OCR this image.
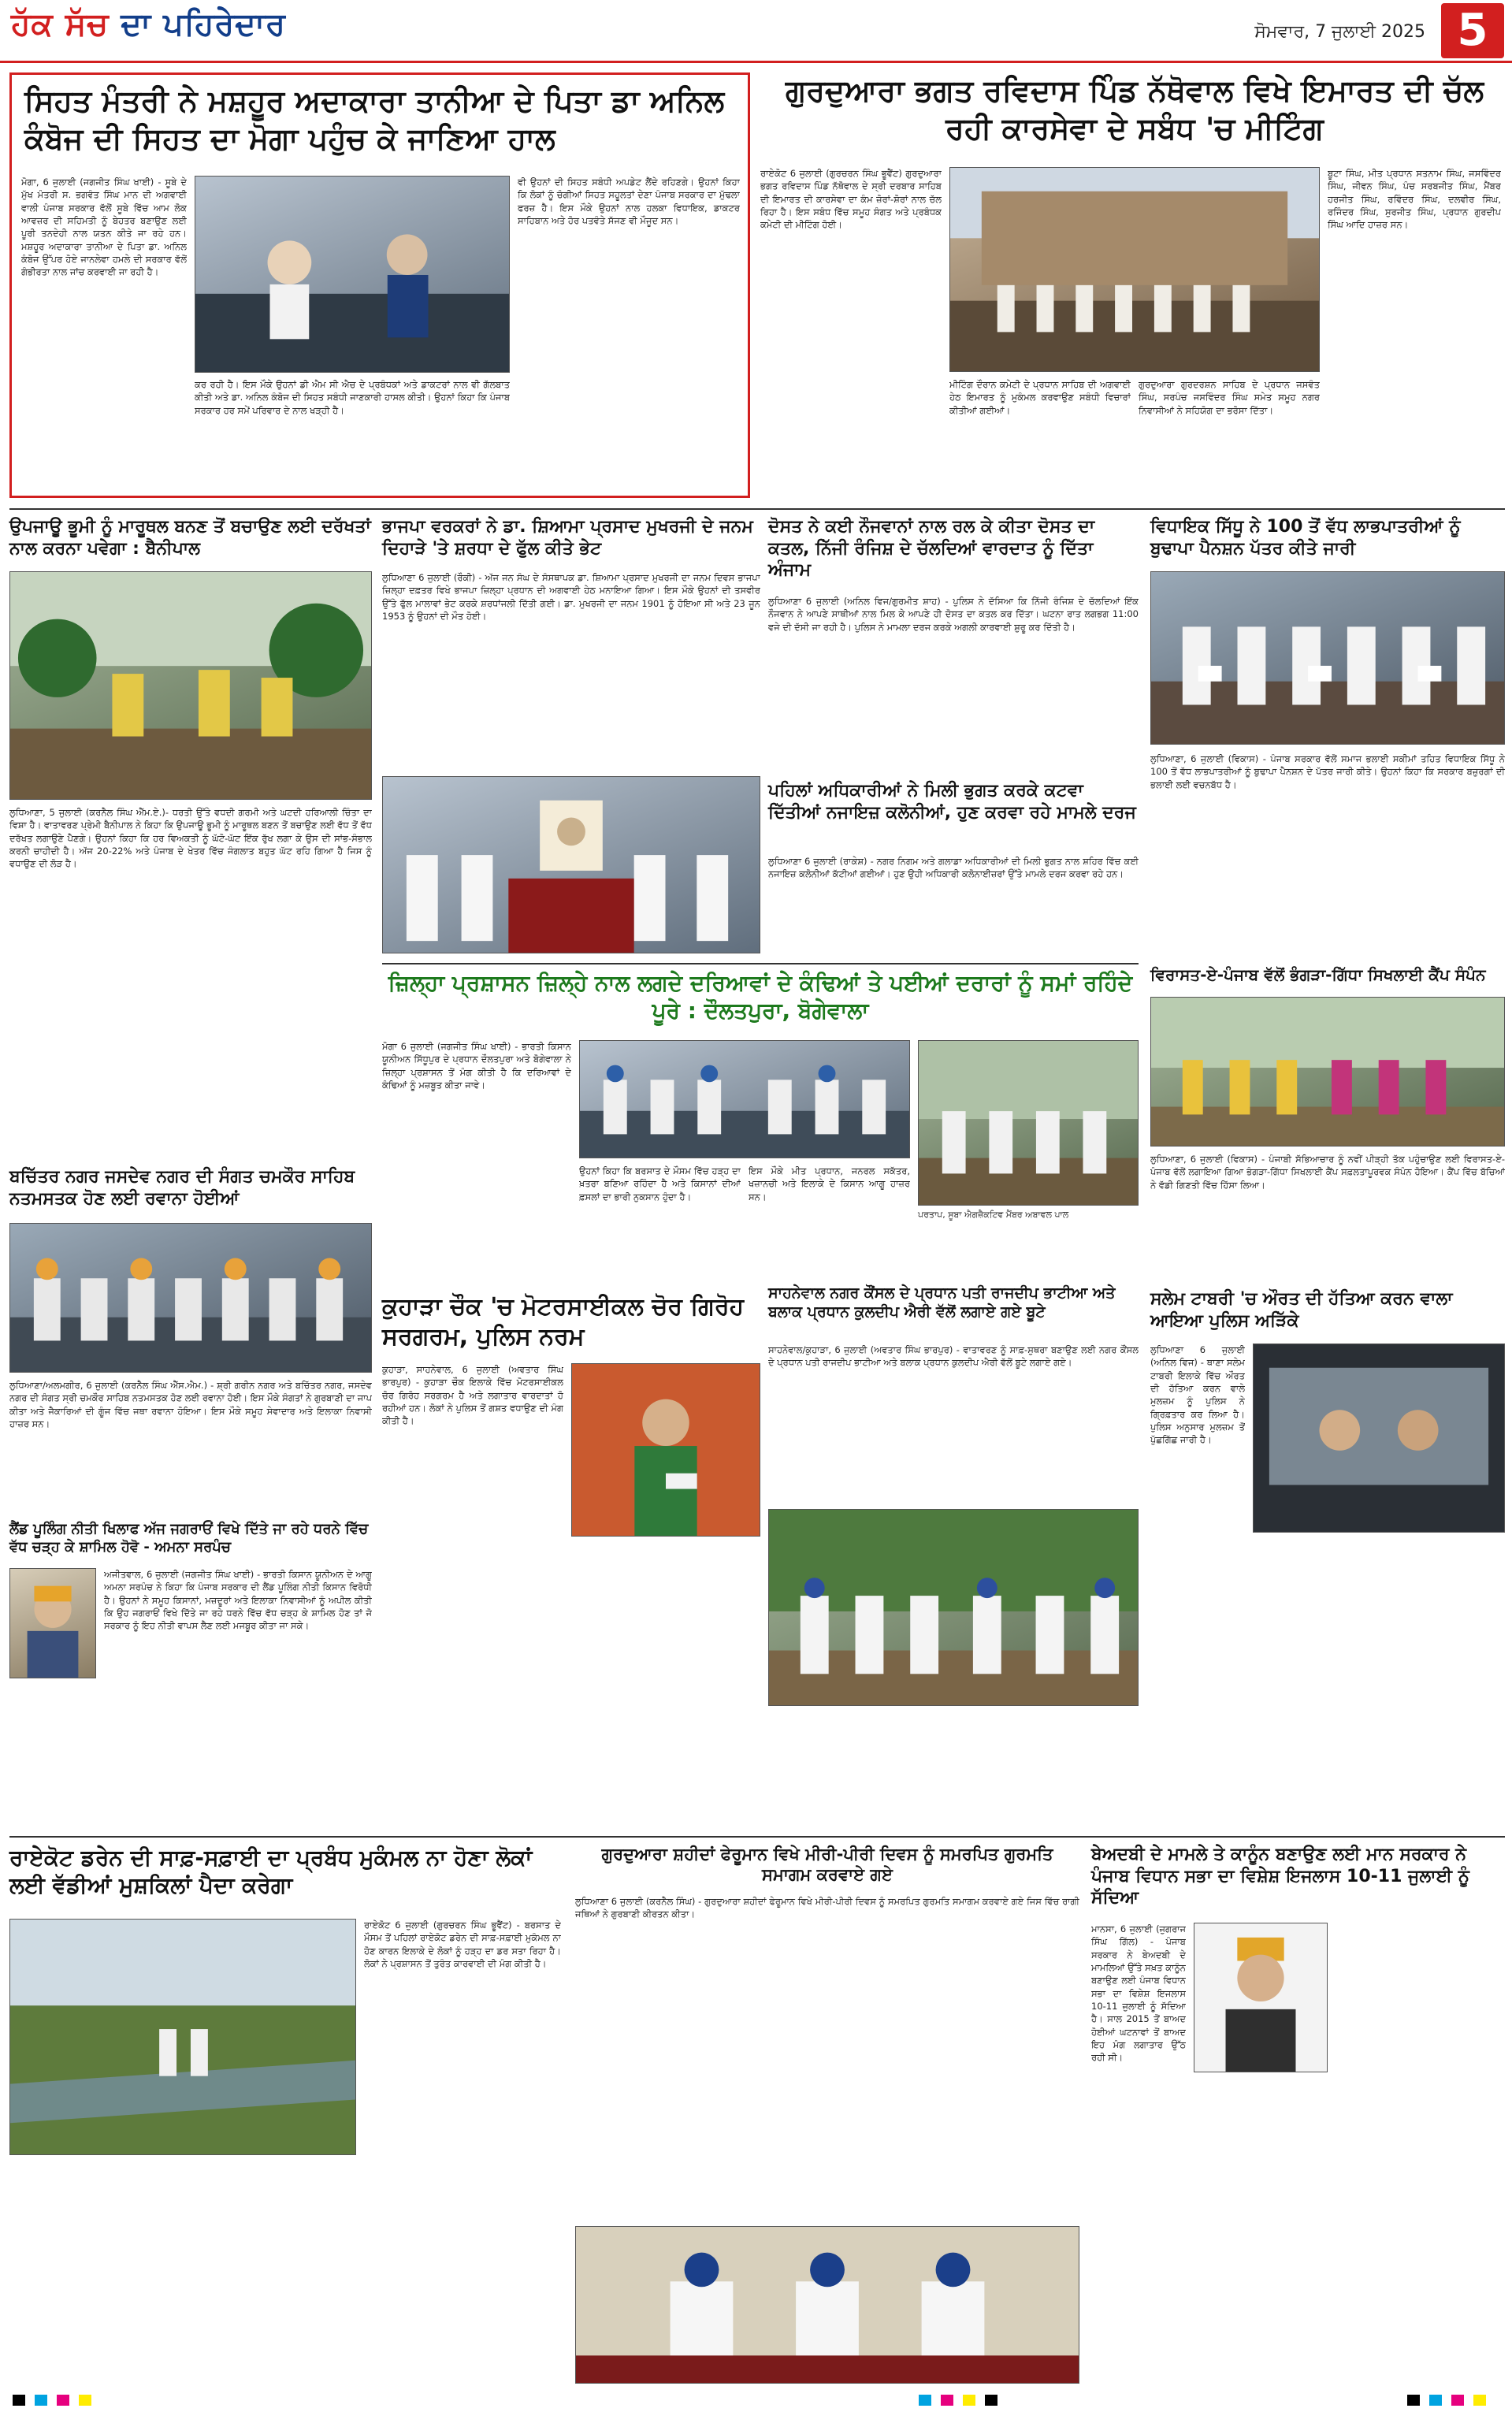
ਹੱਕ ਸੱਚ ਦਾ ਪਹਿਰੇਦਾਰ	ਸੋਮਵਾਰ, 7 ਜੁਲਾਈ 2025 5
ਸਿਹਤ ਮੰਤਰੀ ਨੇ ਮਸ਼ਹੂਰ ਅਦਾਕਾਰਾ ਤਾਨੀਆ ਦੇ ਪਿਤਾ ਡਾ ਅਨਿਲ ਕੰਬੋਜ ਦੀ ਸਿਹਤ ਦਾ ਮੋਗਾ ਪਹੁੰਚ ਕੇ ਜਾਣਿਆ ਹਾਲ
ਮੋਗਾ, 6 ਜੁਲਾਈ (ਜਗਜੀਤ ਸਿੰਘ ਖਾਈ) - ਸੂਬੇ ਦੇ ਮੁੱਖ ਮੰਤਰੀ ਸ. ਭਗਵੰਤ ਸਿੰਘ ਮਾਨ ਦੀ ਅਗਵਾਈ ਵਾਲੀ ਪੰਜਾਬ ਸਰਕਾਰ ਵੱਲੋਂ ਸੂਬੇ ਵਿੱਚ ਆਮ ਲੋਕ ਆਵਜ਼ਰ ਦੀ ਸਹਿਮਤੀ ਨੂੰ ਬੇਹਤਰ ਬਣਾਉਣ ਲਈ ਪੂਰੀ ਤਨਦੇਹੀ ਨਾਲ ਯਤਨ ਕੀਤੇ ਜਾ ਰਹੇ ਹਨ। ਮਸ਼ਹੂਰ ਅਦਾਕਾਰਾ ਤਾਨੀਆ ਦੇ ਪਿਤਾ ਡਾ. ਅਨਿਲ ਕੰਬੋਜ ਉੱਪਰ ਹੋਏ ਜਾਨਲੇਵਾ ਹਮਲੇ ਦੀ ਸਰਕਾਰ ਵੱਲੋਂ ਗੰਭੀਰਤਾ ਨਾਲ ਜਾਂਚ ਕਰਵਾਈ ਜਾ ਰਹੀ ਹੈ।
ਕਰ ਰਹੀ ਹੈ। ਇਸ ਮੌਕੇ ਉਹਨਾਂ ਡੀ ਐਮ ਸੀ ਐਚ ਦੇ ਪ੍ਰਬੰਧਕਾਂ ਅਤੇ ਡਾਕਟਰਾਂ ਨਾਲ ਵੀ ਗੱਲਬਾਤ ਕੀਤੀ ਅਤੇ ਡਾ. ਅਨਿਲ ਕੰਬੋਜ ਦੀ ਸਿਹਤ ਸਬੰਧੀ ਜਾਣਕਾਰੀ ਹਾਸਲ ਕੀਤੀ। ਉਹਨਾਂ ਕਿਹਾ ਕਿ ਪੰਜਾਬ ਸਰਕਾਰ ਹਰ ਸਮੇਂ ਪਰਿਵਾਰ ਦੇ ਨਾਲ ਖੜ੍ਹੀ ਹੈ।
ਵੀ ਉਹਨਾਂ ਦੀ ਸਿਹਤ ਸਬੰਧੀ ਅਪਡੇਟ ਲੈਂਦੇ ਰਹਿਣਗੇ। ਉਹਨਾਂ ਕਿਹਾ ਕਿ ਲੋਕਾਂ ਨੂੰ ਚੰਗੀਆਂ ਸਿਹਤ ਸਹੂਲਤਾਂ ਦੇਣਾ ਪੰਜਾਬ ਸਰਕਾਰ ਦਾ ਮੁੱਢਲਾ ਫਰਜ਼ ਹੈ। ਇਸ ਮੌਕੇ ਉਹਨਾਂ ਨਾਲ ਹਲਕਾ ਵਿਧਾਇਕ, ਡਾਕਟਰ ਸਾਹਿਬਾਨ ਅਤੇ ਹੋਰ ਪਤਵੰਤੇ ਸੱਜਣ ਵੀ ਮੌਜੂਦ ਸਨ।
ਗੁਰਦੁਆਰਾ ਭਗਤ ਰਵਿਦਾਸ ਪਿੰਡ ਨੱਥੋਵਾਲ ਵਿਖੇ ਇਮਾਰਤ ਦੀ ਚੱਲ ਰਹੀ ਕਾਰਸੇਵਾ ਦੇ ਸਬੰਧ 'ਚ ਮੀਟਿੰਗ
ਰਾਏਕੋਟ 6 ਜੁਲਾਈ (ਗੁਰਚਰਨ ਸਿੰਘ ਭੂਵੈਂਟ) ਗੁਰਦੁਆਰਾ ਭਗਤ ਰਵਿਦਾਸ ਪਿੰਡ ਨੱਥੋਵਾਲ ਦੇ ਸ੍ਰੀ ਦਰਬਾਰ ਸਾਹਿਬ ਦੀ ਇਮਾਰਤ ਦੀ ਕਾਰਸੇਵਾ ਦਾ ਕੰਮ ਜ਼ੋਰਾਂ-ਸ਼ੋਰਾਂ ਨਾਲ ਚੱਲ ਰਿਹਾ ਹੈ। ਇਸ ਸਬੰਧ ਵਿੱਚ ਸਮੂਹ ਸੰਗਤ ਅਤੇ ਪ੍ਰਬੰਧਕ ਕਮੇਟੀ ਦੀ ਮੀਟਿੰਗ ਹੋਈ।
ਮੀਟਿੰਗ ਦੌਰਾਨ ਕਮੇਟੀ ਦੇ ਪ੍ਰਧਾਨ ਸਾਹਿਬ ਦੀ ਅਗਵਾਈ ਹੇਠ ਇਮਾਰਤ ਨੂੰ ਮੁਕੰਮਲ ਕਰਵਾਉਣ ਸਬੰਧੀ ਵਿਚਾਰਾਂ ਕੀਤੀਆਂ ਗਈਆਂ।
ਗੁਰਦੁਆਰਾ ਗੁਰਦਰਸ਼ਨ ਸਾਹਿਬ ਦੇ ਪ੍ਰਧਾਨ ਜਸਵੰਤ ਸਿੰਘ, ਸਰਪੰਚ ਜਸਵਿੰਦਰ ਸਿੰਘ ਸਮੇਤ ਸਮੂਹ ਨਗਰ ਨਿਵਾਸੀਆਂ ਨੇ ਸਹਿਯੋਗ ਦਾ ਭਰੋਸਾ ਦਿੱਤਾ।
ਬੂਟਾ ਸਿੰਘ, ਮੀਤ ਪ੍ਰਧਾਨ ਸਤਨਾਮ ਸਿੰਘ, ਜਸਵਿੰਦਰ ਸਿੰਘ, ਜੀਵਨ ਸਿੰਘ, ਪੰਚ ਸਰਬਜੀਤ ਸਿੰਘ, ਮੈਂਬਰ ਹਰਜੀਤ ਸਿੰਘ, ਰਵਿੰਦਰ ਸਿੰਘ, ਦਲਵੀਰ ਸਿੰਘ, ਰਜਿੰਦਰ ਸਿੰਘ, ਸੁਰਜੀਤ ਸਿੰਘ, ਪ੍ਰਧਾਨ ਗੁਰਦੀਪ ਸਿੰਘ ਆਦਿ ਹਾਜ਼ਰ ਸਨ।
ਉਪਜਾਊ ਭੂਮੀ ਨੂੰ ਮਾਰੂਥਲ ਬਨਣ ਤੋਂ ਬਚਾਉਣ ਲਈ ਦਰੱਖਤਾਂ ਨਾਲ ਕਰਨਾ ਪਵੇਗਾ : ਬੈਨੀਪਾਲ
ਲੁਧਿਆਣਾ, 5 ਜੁਲਾਈ (ਕਰਨੈਲ ਸਿੰਘ ਐੱਮ.ਏ.)- ਧਰਤੀ ਉੱਤੇ ਵਧਦੀ ਗਰਮੀ ਅਤੇ ਘਟਦੀ ਹਰਿਆਲੀ ਚਿੰਤਾ ਦਾ ਵਿਸ਼ਾ ਹੈ। ਵਾਤਾਵਰਣ ਪ੍ਰੇਮੀ ਬੈਨੀਪਾਲ ਨੇ ਕਿਹਾ ਕਿ ਉਪਜਾਊ ਭੂਮੀ ਨੂੰ ਮਾਰੂਥਲ ਬਣਨ ਤੋਂ ਬਚਾਉਣ ਲਈ ਵੱਧ ਤੋਂ ਵੱਧ ਦਰੱਖਤ ਲਗਾਉਣੇ ਪੈਣਗੇ। ਉਹਨਾਂ ਕਿਹਾ ਕਿ ਹਰ ਵਿਅਕਤੀ ਨੂੰ ਘੱਟੋ-ਘੱਟ ਇੱਕ ਰੁੱਖ ਲਗਾ ਕੇ ਉਸ ਦੀ ਸਾਂਭ-ਸੰਭਾਲ ਕਰਨੀ ਚਾਹੀਦੀ ਹੈ। ਅੱਜ 20-22% ਅਤੇ ਪੰਜਾਬ ਦੇ ਖੇਤਰ ਵਿੱਚ ਜੰਗਲਾਤ ਬਹੁਤ ਘੱਟ ਰਹਿ ਗਿਆ ਹੈ ਜਿਸ ਨੂੰ ਵਧਾਉਣ ਦੀ ਲੋੜ ਹੈ।
ਬਚਿੱਤਰ ਨਗਰ ਜਸਦੇਵ ਨਗਰ ਦੀ ਸੰਗਤ ਚਮਕੌਰ ਸਾਹਿਬ ਨਤਮਸਤਕ ਹੋਣ ਲਈ ਰਵਾਨਾ ਹੋਈਆਂ
ਲੁਧਿਆਣਾ/ਅਲਮਗੀਰ, 6 ਜੁਲਾਈ (ਕਰਨੈਲ ਸਿੰਘ ਐੱਸ.ਐਮ.) - ਸ਼੍ਰੀ ਗਰੀਨ ਨਗਰ ਅਤੇ ਬਚਿੱਤਰ ਨਗਰ, ਜਸਦੇਵ ਨਗਰ ਦੀ ਸੰਗਤ ਸ੍ਰੀ ਚਮਕੌਰ ਸਾਹਿਬ ਨਤਮਸਤਕ ਹੋਣ ਲਈ ਰਵਾਨਾ ਹੋਈ। ਇਸ ਮੌਕੇ ਸੰਗਤਾਂ ਨੇ ਗੁਰਬਾਣੀ ਦਾ ਜਾਪ ਕੀਤਾ ਅਤੇ ਜੈਕਾਰਿਆਂ ਦੀ ਗੂੰਜ ਵਿੱਚ ਜਥਾ ਰਵਾਨਾ ਹੋਇਆ। ਇਸ ਮੌਕੇ ਸਮੂਹ ਸੇਵਾਦਾਰ ਅਤੇ ਇਲਾਕਾ ਨਿਵਾਸੀ ਹਾਜ਼ਰ ਸਨ।
ਲੈਂਡ ਪੂਲਿੰਗ ਨੀਤੀ ਖਿਲਾਫ ਅੱਜ ਜਗਰਾਓਂ ਵਿਖੇ ਦਿੱਤੇ ਜਾ ਰਹੇ ਧਰਨੇ ਵਿੱਚ ਵੱਧ ਚੜ੍ਹ ਕੇ ਸ਼ਾਮਿਲ ਹੋਵੋ - ਅਮਨਾ ਸਰਪੰਚ
ਅਜੀਤਵਾਲ, 6 ਜੁਲਾਈ (ਜਗਜੀਤ ਸਿੰਘ ਖਾਈ) - ਭਾਰਤੀ ਕਿਸਾਨ ਯੂਨੀਅਨ ਦੇ ਆਗੂ ਅਮਨਾ ਸਰਪੰਚ ਨੇ ਕਿਹਾ ਕਿ ਪੰਜਾਬ ਸਰਕਾਰ ਦੀ ਲੈਂਡ ਪੂਲਿੰਗ ਨੀਤੀ ਕਿਸਾਨ ਵਿਰੋਧੀ ਹੈ। ਉਹਨਾਂ ਨੇ ਸਮੂਹ ਕਿਸਾਨਾਂ, ਮਜ਼ਦੂਰਾਂ ਅਤੇ ਇਲਾਕਾ ਨਿਵਾਸੀਆਂ ਨੂੰ ਅਪੀਲ ਕੀਤੀ ਕਿ ਉਹ ਜਗਰਾਓਂ ਵਿਖੇ ਦਿੱਤੇ ਜਾ ਰਹੇ ਧਰਨੇ ਵਿੱਚ ਵੱਧ ਚੜ੍ਹ ਕੇ ਸ਼ਾਮਿਲ ਹੋਣ ਤਾਂ ਜੋ ਸਰਕਾਰ ਨੂੰ ਇਹ ਨੀਤੀ ਵਾਪਸ ਲੈਣ ਲਈ ਮਜਬੂਰ ਕੀਤਾ ਜਾ ਸਕੇ।
ਭਾਜਪਾ ਵਰਕਰਾਂ ਨੇ ਡਾ. ਸ਼ਿਆਮਾ ਪ੍ਰਸਾਦ ਮੁਖਰਜੀ ਦੇ ਜਨਮ ਦਿਹਾੜੇ 'ਤੇ ਸ਼ਰਧਾ ਦੇ ਫੁੱਲ ਕੀਤੇ ਭੇਟ
ਲੁਧਿਆਣਾ 6 ਜੁਲਾਈ (ਰੌਕੀ) - ਅੱਜ ਜਨ ਸੰਘ ਦੇ ਸੰਸਥਾਪਕ ਡਾ. ਸ਼ਿਆਮਾ ਪ੍ਰਸਾਦ ਮੁਖਰਜੀ ਦਾ ਜਨਮ ਦਿਵਸ ਭਾਜਪਾ ਜ਼ਿਲ੍ਹਾ ਦਫ਼ਤਰ ਵਿਖੇ ਭਾਜਪਾ ਜ਼ਿਲ੍ਹਾ ਪ੍ਰਧਾਨ ਦੀ ਅਗਵਾਈ ਹੇਠ ਮਨਾਇਆ ਗਿਆ। ਇਸ ਮੌਕੇ ਉਹਨਾਂ ਦੀ ਤਸਵੀਰ ਉੱਤੇ ਫੁੱਲ ਮਾਲਾਵਾਂ ਭੇਟ ਕਰਕੇ ਸ਼ਰਧਾਂਜਲੀ ਦਿੱਤੀ ਗਈ। ਡਾ. ਮੁਖਰਜੀ ਦਾ ਜਨਮ 1901 ਨੂੰ ਹੋਇਆ ਸੀ ਅਤੇ 23 ਜੂਨ 1953 ਨੂੰ ਉਹਨਾਂ ਦੀ ਮੌਤ ਹੋਈ।
ਦੋਸਤ ਨੇ ਕਈ ਨੌਜਵਾਨਾਂ ਨਾਲ ਰਲ ਕੇ ਕੀਤਾ ਦੋਸਤ ਦਾ ਕਤਲ, ਨਿੱਜੀ ਰੰਜਿਸ਼ ਦੇ ਚੱਲਦਿਆਂ ਵਾਰਦਾਤ ਨੂੰ ਦਿੱਤਾ ਅੰਜਾਮ
ਲੁਧਿਆਣਾ 6 ਜੁਲਾਈ (ਅਨਿਲ ਵਿਜ/ਗੁਰਮੀਤ ਸ਼ਾਹ) - ਪੁਲਿਸ ਨੇ ਦੱਸਿਆ ਕਿ ਨਿੱਜੀ ਰੰਜਿਸ਼ ਦੇ ਚੱਲਦਿਆਂ ਇੱਕ ਨੌਜਵਾਨ ਨੇ ਆਪਣੇ ਸਾਥੀਆਂ ਨਾਲ ਮਿਲ ਕੇ ਆਪਣੇ ਹੀ ਦੋਸਤ ਦਾ ਕਤਲ ਕਰ ਦਿੱਤਾ। ਘਟਨਾ ਰਾਤ ਲਗਭਗ 11:00 ਵਜੇ ਦੀ ਦੱਸੀ ਜਾ ਰਹੀ ਹੈ। ਪੁਲਿਸ ਨੇ ਮਾਮਲਾ ਦਰਜ ਕਰਕੇ ਅਗਲੀ ਕਾਰਵਾਈ ਸ਼ੁਰੂ ਕਰ ਦਿੱਤੀ ਹੈ।
ਪਹਿਲਾਂ ਅਧਿਕਾਰੀਆਂ ਨੇ ਮਿਲੀ ਭੁਗਤ ਕਰਕੇ ਕਟਵਾ ਦਿੱਤੀਆਂ ਨਜਾਇਜ਼ ਕਲੋਨੀਆਂ, ਹੁਣ ਕਰਵਾ ਰਹੇ ਮਾਮਲੇ ਦਰਜ
ਲੁਧਿਆਣਾ 6 ਜੁਲਾਈ (ਰਾਕੇਸ਼) - ਨਗਰ ਨਿਗਮ ਅਤੇ ਗਲਾਡਾ ਅਧਿਕਾਰੀਆਂ ਦੀ ਮਿਲੀ ਭੁਗਤ ਨਾਲ ਸ਼ਹਿਰ ਵਿੱਚ ਕਈ ਨਜਾਇਜ਼ ਕਲੋਨੀਆਂ ਕੱਟੀਆਂ ਗਈਆਂ। ਹੁਣ ਉਹੀ ਅਧਿਕਾਰੀ ਕਲੋਨਾਈਜ਼ਰਾਂ ਉੱਤੇ ਮਾਮਲੇ ਦਰਜ ਕਰਵਾ ਰਹੇ ਹਨ।
ਵਿਧਾਇਕ ਸਿੱਧੂ ਨੇ 100 ਤੋਂ ਵੱਧ ਲਾਭਪਾਤਰੀਆਂ ਨੂੰ ਬੁਢਾਪਾ ਪੈਨਸ਼ਨ ਪੱਤਰ ਕੀਤੇ ਜਾਰੀ
ਲੁਧਿਆਣਾ, 6 ਜੁਲਾਈ (ਵਿਕਾਸ) - ਪੰਜਾਬ ਸਰਕਾਰ ਵੱਲੋਂ ਸਮਾਜ ਭਲਾਈ ਸਕੀਮਾਂ ਤਹਿਤ ਵਿਧਾਇਕ ਸਿੱਧੂ ਨੇ 100 ਤੋਂ ਵੱਧ ਲਾਭਪਾਤਰੀਆਂ ਨੂੰ ਬੁਢਾਪਾ ਪੈਨਸ਼ਨ ਦੇ ਪੱਤਰ ਜਾਰੀ ਕੀਤੇ। ਉਹਨਾਂ ਕਿਹਾ ਕਿ ਸਰਕਾਰ ਬਜ਼ੁਰਗਾਂ ਦੀ ਭਲਾਈ ਲਈ ਵਚਨਬੱਧ ਹੈ।
ਵਿਰਾਸਤ-ਏ-ਪੰਜਾਬ ਵੱਲੋਂ ਭੰਗੜਾ-ਗਿੱਧਾ ਸਿਖਲਾਈ ਕੈਂਪ ਸੰਪੰਨ
ਲੁਧਿਆਣਾ, 6 ਜੁਲਾਈ (ਵਿਕਾਸ) - ਪੰਜਾਬੀ ਸੱਭਿਆਚਾਰ ਨੂੰ ਨਵੀਂ ਪੀੜ੍ਹੀ ਤੱਕ ਪਹੁੰਚਾਉਣ ਲਈ ਵਿਰਾਸਤ-ਏ-ਪੰਜਾਬ ਵੱਲੋਂ ਲਗਾਇਆ ਗਿਆ ਭੰਗੜਾ-ਗਿੱਧਾ ਸਿਖਲਾਈ ਕੈਂਪ ਸਫ਼ਲਤਾਪੂਰਵਕ ਸੰਪੰਨ ਹੋਇਆ। ਕੈਂਪ ਵਿੱਚ ਬੱਚਿਆਂ ਨੇ ਵੱਡੀ ਗਿਣਤੀ ਵਿੱਚ ਹਿੱਸਾ ਲਿਆ।
ਜ਼ਿਲ੍ਹਾ ਪ੍ਰਸ਼ਾਸਨ ਜ਼ਿਲ੍ਹੇ ਨਾਲ ਲਗਦੇ ਦਰਿਆਵਾਂ ਦੇ ਕੰਢਿਆਂ ਤੇ ਪਈਆਂ ਦਰਾਰਾਂ ਨੂੰ ਸਮਾਂ ਰਹਿੰਦੇ ਪੂਰੇ : ਦੌਲਤਪੁਰਾ, ਬੋਗੇਵਾਲਾ
ਮੋਗਾ 6 ਜੁਲਾਈ (ਜਗਜੀਤ ਸਿੰਘ ਖਾਈ) - ਭਾਰਤੀ ਕਿਸਾਨ ਯੂਨੀਅਨ ਸਿੱਧੂਪੁਰ ਦੇ ਪ੍ਰਧਾਨ ਦੌਲਤਪੁਰਾ ਅਤੇ ਬੋਗੇਵਾਲਾ ਨੇ ਜ਼ਿਲ੍ਹਾ ਪ੍ਰਸ਼ਾਸਨ ਤੋਂ ਮੰਗ ਕੀਤੀ ਹੈ ਕਿ ਦਰਿਆਵਾਂ ਦੇ ਕੰਢਿਆਂ ਨੂੰ ਮਜ਼ਬੂਤ ਕੀਤਾ ਜਾਵੇ।
ਉਹਨਾਂ ਕਿਹਾ ਕਿ ਬਰਸਾਤ ਦੇ ਮੌਸਮ ਵਿੱਚ ਹੜ੍ਹ ਦਾ ਖ਼ਤਰਾ ਬਣਿਆ ਰਹਿੰਦਾ ਹੈ ਅਤੇ ਕਿਸਾਨਾਂ ਦੀਆਂ ਫ਼ਸਲਾਂ ਦਾ ਭਾਰੀ ਨੁਕਸਾਨ ਹੁੰਦਾ ਹੈ।
ਇਸ ਮੌਕੇ ਮੀਤ ਪ੍ਰਧਾਨ, ਜਨਰਲ ਸਕੱਤਰ, ਖਜ਼ਾਨਚੀ ਅਤੇ ਇਲਾਕੇ ਦੇ ਕਿਸਾਨ ਆਗੂ ਹਾਜ਼ਰ ਸਨ।
ਪਰਤਾਪ, ਸੂਬਾ ਐਗਜ਼ੈਕਟਿਵ ਮੈਂਬਰ ਅਬਾਵਲ ਪਾਲ
ਸਾਹਨੇਵਾਲ ਨਗਰ ਕੌਂਸਲ ਦੇ ਪ੍ਰਧਾਨ ਪਤੀ ਰਾਜਦੀਪ ਭਾਟੀਆ ਅਤੇ ਬਲਾਕ ਪ੍ਰਧਾਨ ਕੁਲਦੀਪ ਐਰੀ ਵੱਲੋਂ ਲਗਾਏ ਗਏ ਬੂਟੇ
ਸਾਹਨੇਵਾਲ/ਕੁਹਾੜਾ, 6 ਜੁਲਾਈ (ਅਵਤਾਰ ਸਿੰਘ ਭਾਰਪੁਰ) - ਵਾਤਾਵਰਣ ਨੂੰ ਸਾਫ਼-ਸੁਥਰਾ ਬਣਾਉਣ ਲਈ ਨਗਰ ਕੌਂਸਲ ਦੇ ਪ੍ਰਧਾਨ ਪਤੀ ਰਾਜਦੀਪ ਭਾਟੀਆ ਅਤੇ ਬਲਾਕ ਪ੍ਰਧਾਨ ਕੁਲਦੀਪ ਐਰੀ ਵੱਲੋਂ ਬੂਟੇ ਲਗਾਏ ਗਏ।
ਕੁਹਾੜਾ ਚੌਕ 'ਚ ਮੋਟਰਸਾਈਕਲ ਚੋਰ ਗਿਰੋਹ ਸਰਗਰਮ, ਪੁਲਿਸ ਨਰਮ
ਕੁਹਾੜਾ, ਸਾਹਨੇਵਾਲ, 6 ਜੁਲਾਈ (ਅਵਤਾਰ ਸਿੰਘ ਭਾਰਪੁਰ) - ਕੁਹਾੜਾ ਚੌਕ ਇਲਾਕੇ ਵਿੱਚ ਮੋਟਰਸਾਈਕਲ ਚੋਰ ਗਿਰੋਹ ਸਰਗਰਮ ਹੈ ਅਤੇ ਲਗਾਤਾਰ ਵਾਰਦਾਤਾਂ ਹੋ ਰਹੀਆਂ ਹਨ। ਲੋਕਾਂ ਨੇ ਪੁਲਿਸ ਤੋਂ ਗਸ਼ਤ ਵਧਾਉਣ ਦੀ ਮੰਗ ਕੀਤੀ ਹੈ।
ਸਲੇਮ ਟਾਬਰੀ 'ਚ ਔਰਤ ਦੀ ਹੱਤਿਆ ਕਰਨ ਵਾਲਾ ਆਇਆ ਪੁਲਿਸ ਅੜਿੱਕੇ
ਲੁਧਿਆਣਾ 6 ਜੁਲਾਈ (ਅਨਿਲ ਵਿਜ) - ਥਾਣਾ ਸਲੇਮ ਟਾਬਰੀ ਇਲਾਕੇ ਵਿੱਚ ਔਰਤ ਦੀ ਹੱਤਿਆ ਕਰਨ ਵਾਲੇ ਮੁਲਜ਼ਮ ਨੂੰ ਪੁਲਿਸ ਨੇ ਗ੍ਰਿਫ਼ਤਾਰ ਕਰ ਲਿਆ ਹੈ। ਪੁਲਿਸ ਅਨੁਸਾਰ ਮੁਲਜ਼ਮ ਤੋਂ ਪੁੱਛਗਿੱਛ ਜਾਰੀ ਹੈ।
ਰਾਏਕੋਟ ਡਰੇਨ ਦੀ ਸਾਫ਼-ਸਫ਼ਾਈ ਦਾ ਪ੍ਰਬੰਧ ਮੁਕੰਮਲ ਨਾ ਹੋਣਾ ਲੋਕਾਂ ਲਈ ਵੱਡੀਆਂ ਮੁਸ਼ਕਿਲਾਂ ਪੈਦਾ ਕਰੇਗਾ
ਰਾਏਕੋਟ 6 ਜੁਲਾਈ (ਗੁਰਚਰਨ ਸਿੰਘ ਭੂਵੈਂਟ) - ਬਰਸਾਤ ਦੇ ਮੌਸਮ ਤੋਂ ਪਹਿਲਾਂ ਰਾਏਕੋਟ ਡਰੇਨ ਦੀ ਸਾਫ਼-ਸਫ਼ਾਈ ਮੁਕੰਮਲ ਨਾ ਹੋਣ ਕਾਰਨ ਇਲਾਕੇ ਦੇ ਲੋਕਾਂ ਨੂੰ ਹੜ੍ਹ ਦਾ ਡਰ ਸਤਾ ਰਿਹਾ ਹੈ। ਲੋਕਾਂ ਨੇ ਪ੍ਰਸ਼ਾਸਨ ਤੋਂ ਤੁਰੰਤ ਕਾਰਵਾਈ ਦੀ ਮੰਗ ਕੀਤੀ ਹੈ।
ਗੁਰਦੁਆਰਾ ਸ਼ਹੀਦਾਂ ਫੇਰੂਮਾਨ ਵਿਖੇ ਮੀਰੀ-ਪੀਰੀ ਦਿਵਸ ਨੂੰ ਸਮਰਪਿਤ ਗੁਰਮਤਿ ਸਮਾਗਮ ਕਰਵਾਏ ਗਏ
ਲੁਧਿਆਣਾ 6 ਜੁਲਾਈ (ਕਰਨੈਲ ਸਿੰਘ) - ਗੁਰਦੁਆਰਾ ਸ਼ਹੀਦਾਂ ਫੇਰੂਮਾਨ ਵਿਖੇ ਮੀਰੀ-ਪੀਰੀ ਦਿਵਸ ਨੂੰ ਸਮਰਪਿਤ ਗੁਰਮਤਿ ਸਮਾਗਮ ਕਰਵਾਏ ਗਏ ਜਿਸ ਵਿੱਚ ਰਾਗੀ ਜਥਿਆਂ ਨੇ ਗੁਰਬਾਣੀ ਕੀਰਤਨ ਕੀਤਾ।
ਬੇਅਦਬੀ ਦੇ ਮਾਮਲੇ ਤੇ ਕਾਨੂੰਨ ਬਣਾਉਣ ਲਈ ਮਾਨ ਸਰਕਾਰ ਨੇ ਪੰਜਾਬ ਵਿਧਾਨ ਸਭਾ ਦਾ ਵਿਸ਼ੇਸ਼ ਇਜਲਾਸ 10-11 ਜੁਲਾਈ ਨੂੰ ਸੱਦਿਆ
ਮਾਨਸਾ, 6 ਜੁਲਾਈ (ਜੁਗਰਾਜ ਸਿੰਘ ਗਿੱਲ) - ਪੰਜਾਬ ਸਰਕਾਰ ਨੇ ਬੇਅਦਬੀ ਦੇ ਮਾਮਲਿਆਂ ਉੱਤੇ ਸਖ਼ਤ ਕਾਨੂੰਨ ਬਣਾਉਣ ਲਈ ਪੰਜਾਬ ਵਿਧਾਨ ਸਭਾ ਦਾ ਵਿਸ਼ੇਸ਼ ਇਜਲਾਸ 10-11 ਜੁਲਾਈ ਨੂੰ ਸੱਦਿਆ ਹੈ। ਸਾਲ 2015 ਤੋਂ ਬਾਅਦ ਹੋਈਆਂ ਘਟਨਾਵਾਂ ਤੋਂ ਬਾਅਦ ਇਹ ਮੰਗ ਲਗਾਤਾਰ ਉੱਠ ਰਹੀ ਸੀ।
